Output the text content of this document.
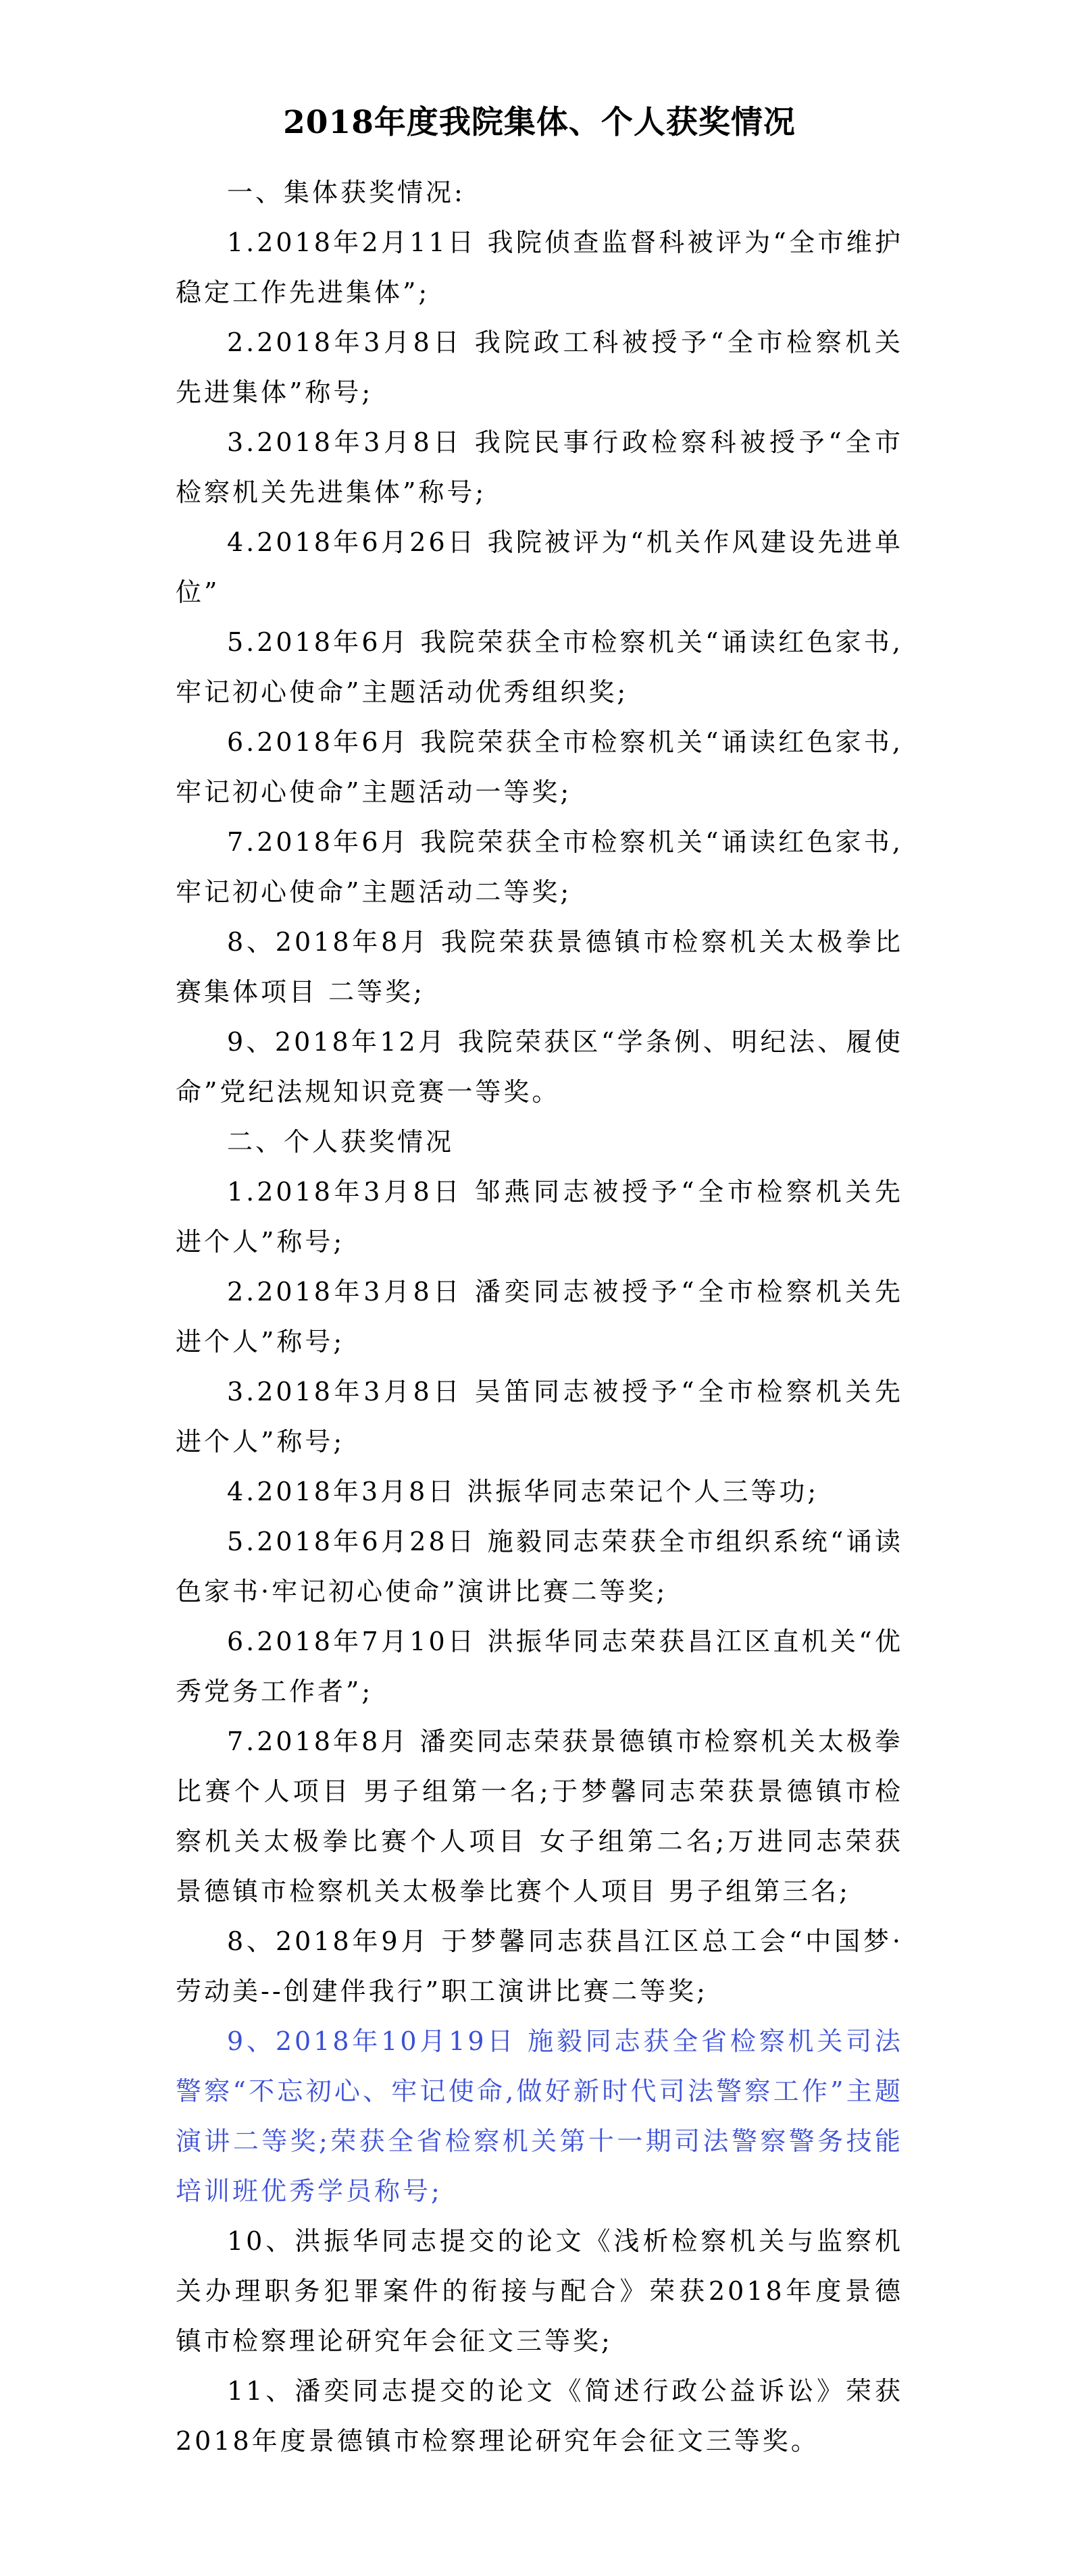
2018年度我院集体、个人获奖情况

一、集体获奖情况:

1.2018年2月11日 我院侦查监督科被评为“全市维护稳定工作先进集体”;

2.2018年3月8日 我院政工科被授予“全市检察机关先进集体”称号;

3.2018年3月8日 我院民事行政检察科被授予“全市检察机关先进集体”称号;

4.2018年6月26日 我院被评为“机关作风建设先进单位”

5.2018年6月 我院荣获全市检察机关“诵读红色家书,牢记初心使命”主题活动优秀组织奖;

6.2018年6月 我院荣获全市检察机关“诵读红色家书,牢记初心使命”主题活动一等奖;

7.2018年6月 我院荣获全市检察机关“诵读红色家书,牢记初心使命”主题活动二等奖;

8、2018年8月 我院荣获景德镇市检察机关太极拳比赛集体项目 二等奖;

9、2018年12月 我院荣获区“学条例、明纪法、履使命”党纪法规知识竞赛一等奖。

二、个人获奖情况

1.2018年3月8日 邹燕同志被授予“全市检察机关先进个人”称号;

2.2018年3月8日 潘奕同志被授予“全市检察机关先进个人”称号;

3.2018年3月8日 吴笛同志被授予“全市检察机关先进个人”称号;

4.2018年3月8日 洪振华同志荣记个人三等功;

5.2018年6月28日 施毅同志荣获全市组织系统“诵读色家书·牢记初心使命”演讲比赛二等奖;

6.2018年7月10日 洪振华同志荣获昌江区直机关“优秀党务工作者”;

7.2018年8月 潘奕同志荣获景德镇市检察机关太极拳比赛个人项目 男子组第一名;于梦馨同志荣获景德镇市检察机关太极拳比赛个人项目 女子组第二名;万进同志荣获景德镇市检察机关太极拳比赛个人项目 男子组第三名;

8、2018年9月 于梦馨同志获昌江区总工会“中国梦·劳动美--创建伴我行”职工演讲比赛二等奖;

9、2018年10月19日 施毅同志获全省检察机关司法警察“不忘初心、牢记使命,做好新时代司法警察工作”主题演讲二等奖;荣获全省检察机关第十一期司法警察警务技能培训班优秀学员称号;

10、洪振华同志提交的论文《浅析检察机关与监察机关办理职务犯罪案件的衔接与配合》荣获2018年度景德镇市检察理论研究年会征文三等奖;

11、潘奕同志提交的论文《简述行政公益诉讼》荣获2018年度景德镇市检察理论研究年会征文三等奖。
